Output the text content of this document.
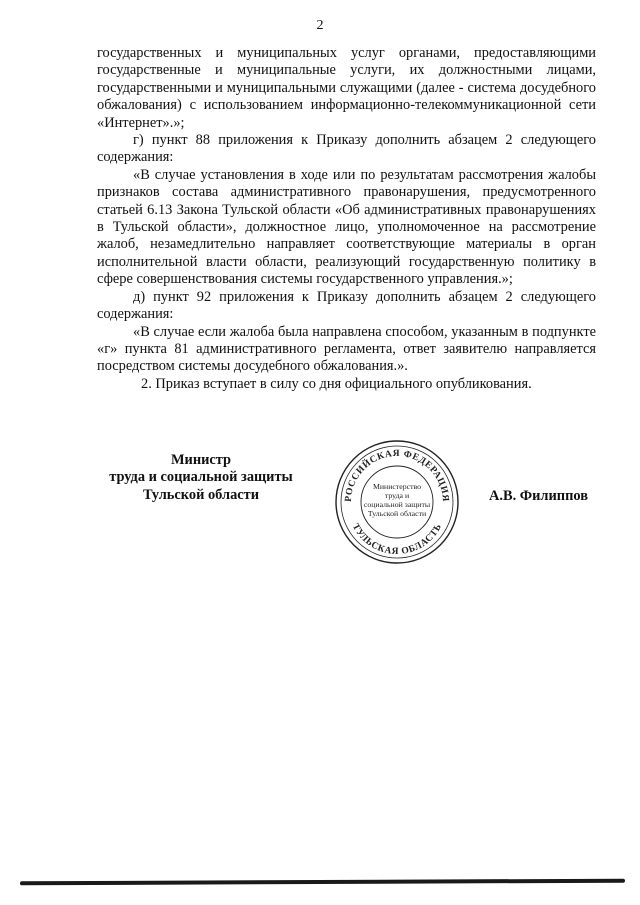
2

государственных и муниципальных услуг органами, предоставляющими государственные и муниципальные услуги, их должностными лицами, государственными и муниципальными служащими (далее - система досудебного обжалования) с использованием информационно-телекоммуникационной сети «Интернет».»;

г) пункт 88 приложения к Приказу дополнить абзацем 2 следующего содержания:

«В случае установления в ходе или по результатам рассмотрения жалобы признаков состава административного правонарушения, предусмотренного статьей 6.13 Закона Тульской области «Об административных правонарушениях в Тульской области», должностное лицо, уполномоченное на рассмотрение жалоб, незамедлительно направляет соответствующие материалы в орган исполнительной власти области, реализующий государственную политику в сфере совершенствования системы государственного управления.»;

д) пункт 92 приложения к Приказу дополнить абзацем 2 следующего содержания:

«В случае если жалоба была направлена способом, указанным в подпункте «г» пункта 81 административного регламента, ответ заявителю направляется посредством системы досудебного обжалования.».

2. Приказ вступает в силу со дня официального опубликования.

Министр
труда и социальной защиты
Тульской области	РОССИЙСКАЯ ФЕДЕРАЦИЯ
ТУЛЬСКАЯ ОБЛАСТЬ
Министерство
труда и
социальной защиты
Тульской области
А.В. Филиппов
